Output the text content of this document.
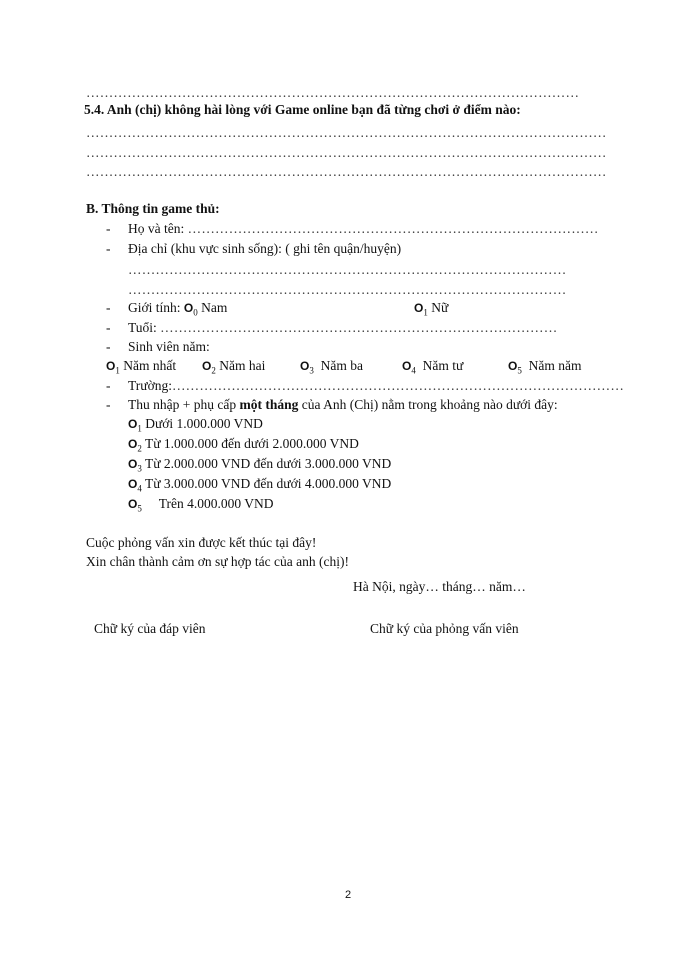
………………………………………………………………………………………………
5.4. Anh (chị) không hài lòng với Game online bạn đã từng chơi ở điểm nào:
……………………………………………………………………………………………………
……………………………………………………………………………………………………
……………………………………………………………………………………………………
B. Thông tin game thủ:
- Họ và tên: ………………………………………………………………………………
- Địa chỉ (khu vực sinh sống): ( ghi tên quận/huyện)
……………………………………………………………………………………
……………………………………………………………………………………
- Giới tính: $O_0$ Nam	$O_1$ Nữ
- Tuổi: ……………………………………………………………………………
- Sinh viên năm:
$O_1$ Năm nhất $O_2$ Năm hai	$O_3$ Năm ba	$O_4$ Năm tư	$O_5$ Năm năm
- Trường:………………………………………………………………………………………
- Thu nhập + phụ cấp một tháng của Anh (Chị) nằm trong khoảng nào dưới đây:
$O_1$ Dưới 1.000.000 VND
$O_2$ Từ 1.000.000 đến dưới 2.000.000 VND
$O_3$ Từ 2.000.000 VND đến dưới 3.000.000 VND
$O_4$ Từ 3.000.000 VND đến dưới 4.000.000 VND
$O_5$ Trên 4.000.000 VND
Cuộc phỏng vấn xin được kết thúc tại đây!
Xin chân thành cảm ơn sự hợp tác của anh (chị)!
Hà Nội, ngày… tháng… năm…
Chữ ký của đáp viên	Chữ ký của phỏng vấn viên
2
